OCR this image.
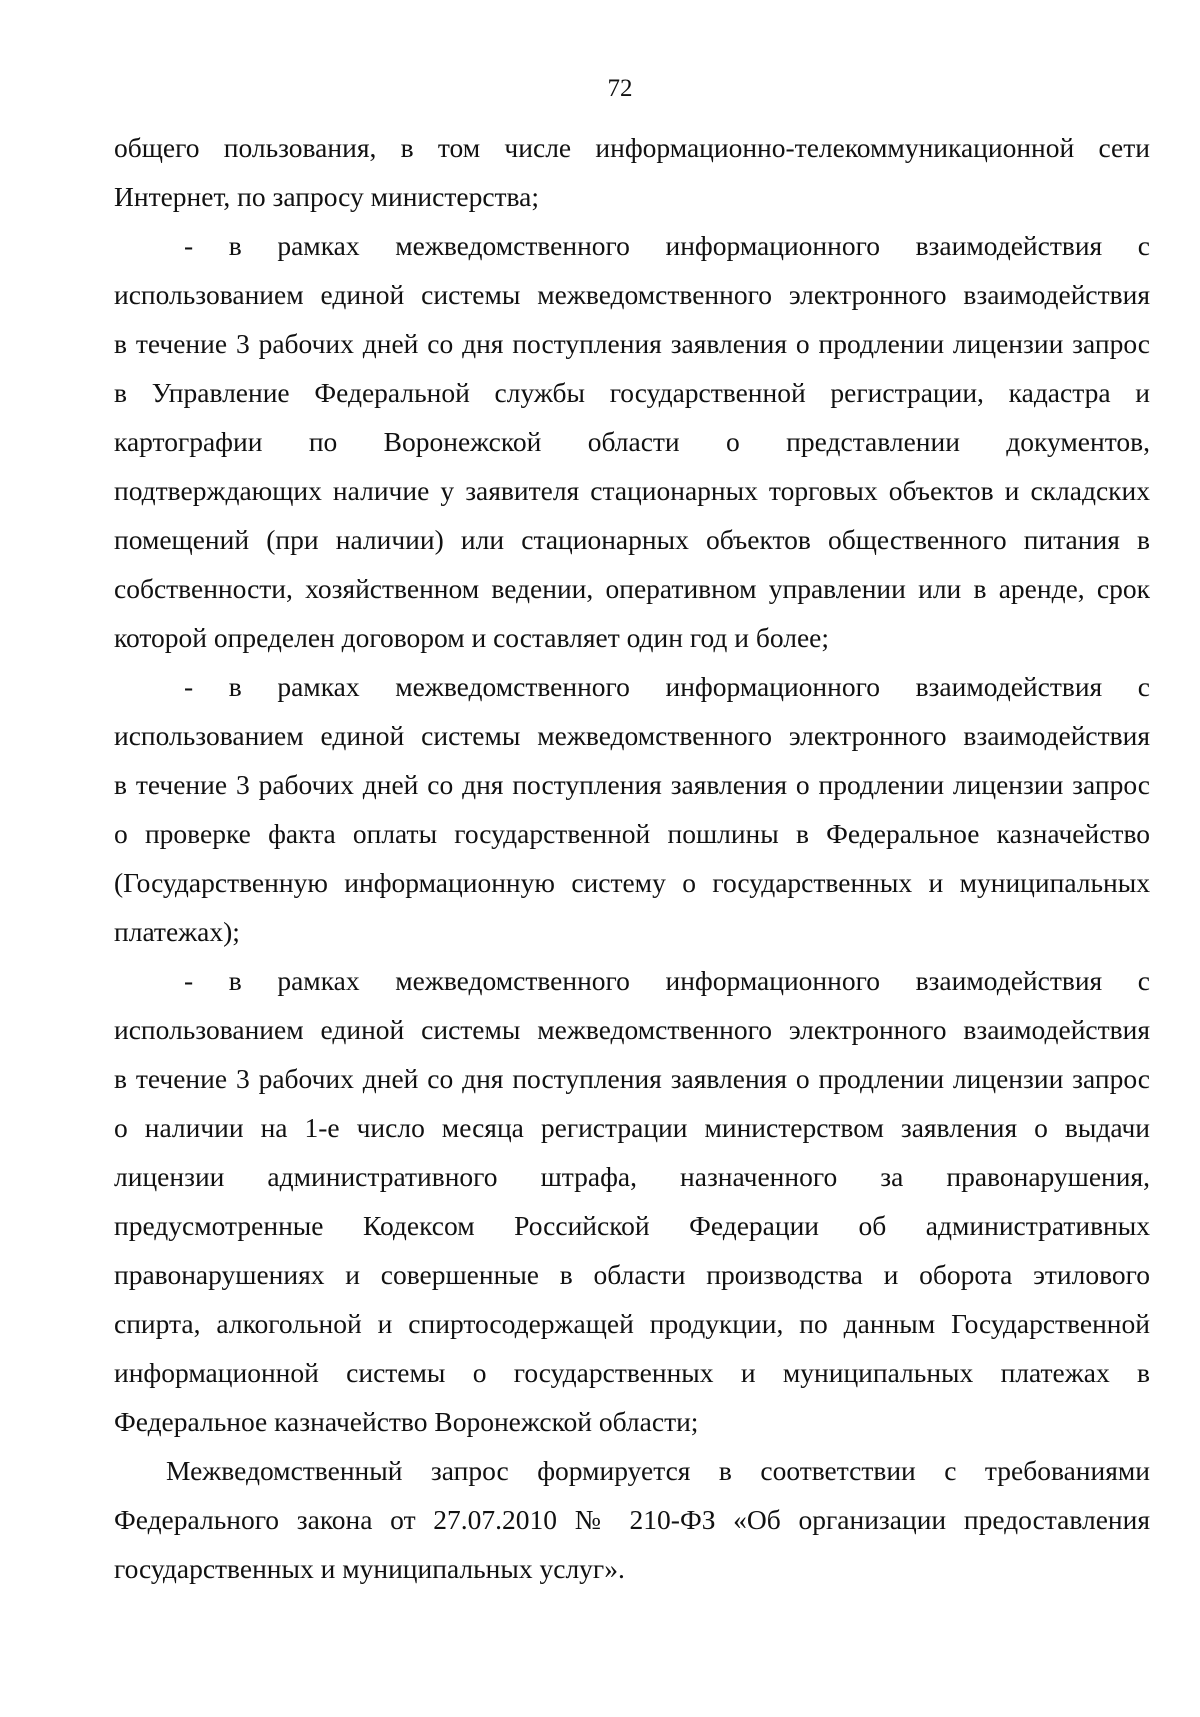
72
общего пользования, в том числе информационно-телекоммуникационной сети
Интернет, по запросу министерства;
- в рамках межведомственного информационного взаимодействия с
использованием единой системы межведомственного электронного взаимодействия
в течение 3 рабочих дней со дня поступления заявления о продлении лицензии запрос
в Управление Федеральной службы государственной регистрации, кадастра и
картографии по Воронежской области о представлении документов,
подтверждающих наличие у заявителя стационарных торговых объектов и складских
помещений (при наличии) или стационарных объектов общественного питания в
собственности, хозяйственном ведении, оперативном управлении или в аренде, срок
которой определен договором и составляет один год и более;
- в рамках межведомственного информационного взаимодействия с
использованием единой системы межведомственного электронного взаимодействия
в течение 3 рабочих дней со дня поступления заявления о продлении лицензии запрос
о проверке факта оплаты государственной пошлины в Федеральное казначейство
(Государственную информационную систему о государственных и муниципальных
платежах);
- в рамках межведомственного информационного взаимодействия с
использованием единой системы межведомственного электронного взаимодействия
в течение 3 рабочих дней со дня поступления заявления о продлении лицензии запрос
о наличии на 1-е число месяца регистрации министерством заявления о выдачи
лицензии административного штрафа, назначенного за правонарушения,
предусмотренные Кодексом Российской Федерации об административных
правонарушениях и совершенные в области производства и оборота этилового
спирта, алкогольной и спиртосодержащей продукции, по данным Государственной
информационной системы о государственных и муниципальных платежах в
Федеральное казначейство Воронежской области;
Межведомственный запрос формируется в соответствии с требованиями
Федерального закона от 27.07.2010 № 210-ФЗ «Об организации предоставления
государственных и муниципальных услуг».
